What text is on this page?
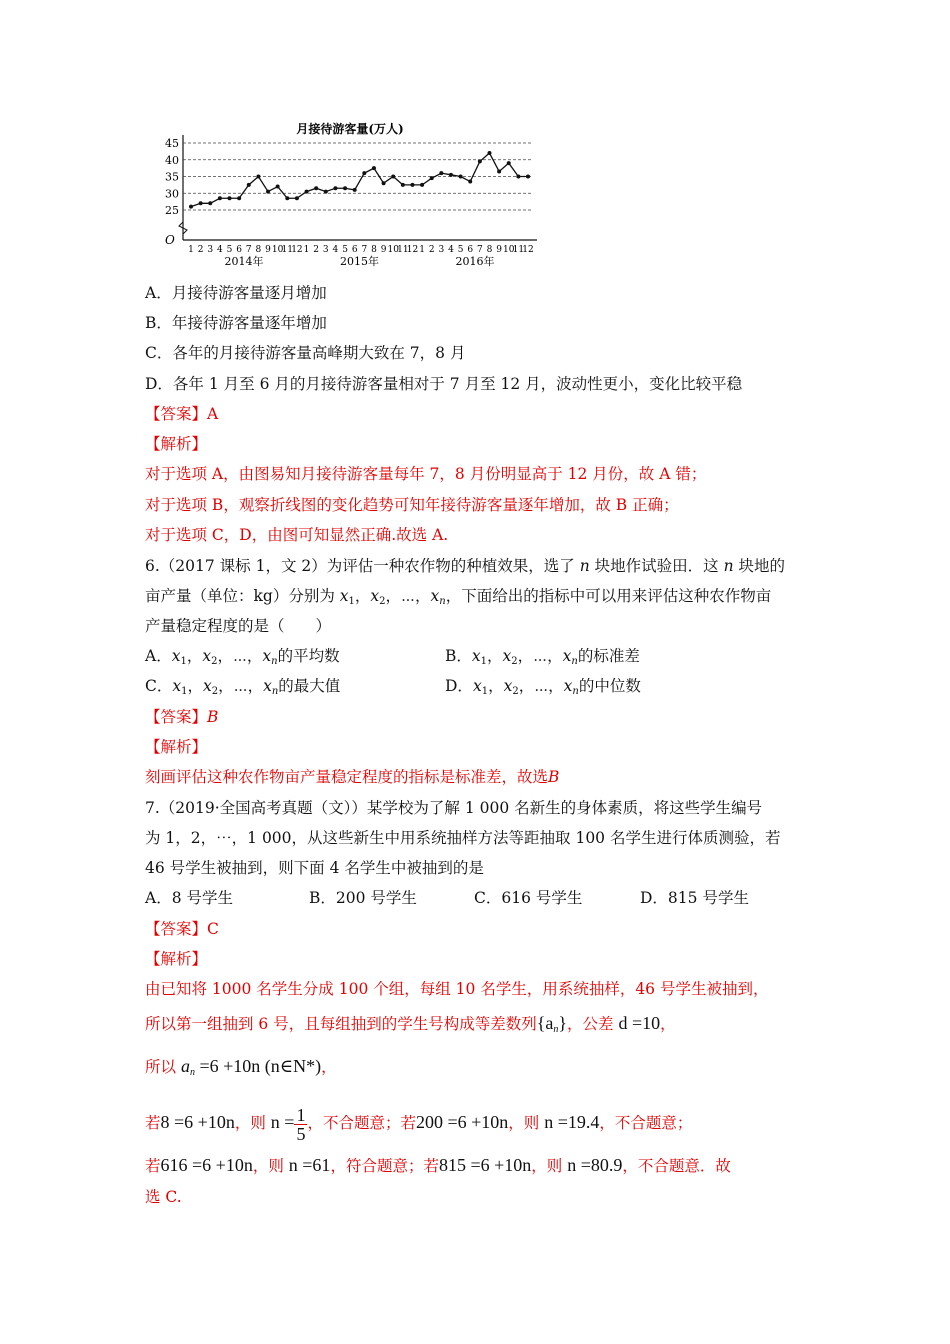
月接待游客量(万人)
25
30
35
40
45
1 2 3 4 5 6 7 8 9 10
11
12 1 2 3 4 5 6 7 8 9 10
11
12 1 2 3 4 5 6 7 8 9 10
11
12
2014年	2015年	2016年
O
A．月接待游客量逐月增加
B．年接待游客量逐年增加
C．各年的月接待游客量高峰期大致在 7，8 月
D．各年 1 月至 6 月的月接待游客量相对于 7 月至 12 月，波动性更小，变化比较平稳
【答案】A
【解析】
对于选项 A，由图易知月接待游客量每年 7，8 月份明显高于 12 月份，故 A 错；
对于选项 B，观察折线图的变化趋势可知年接待游客量逐年增加，故 B 正确；
对于选项 C，D，由图可知显然正确.故选 A.
6.（2017 课标 1，文 2）为评估一种农作物的种植效果，选了 n 块地作试验田．这 n 块地的
亩产量（单位：kg）分别为 $x_1$，$x_2$，⋯，$x_n$，下面给出的指标中可以用来评估这种农作物亩
产量稳定程度的是（　　）
A．$x_1$，$x_2$，⋯，$x_n$的平均数	B．$x_1$，$x_2$，⋯，$x_n$的标准差
C．$x_1$，$x_2$，⋯，$x_n$的最大值	D．$x_1$，$x_2$，⋯，$x_n$的中位数
【答案】B
【解析】
刻画评估这种农作物亩产量稳定程度的指标是标准差，故选B
7.（2019·全国高考真题（文））某学校为了解 1 000 名新生的身体素质，将这些学生编号
为 1，2，⋯，1 000，从这些新生中用系统抽样方法等距抽取 100 名学生进行体质测验，若
46 号学生被抽到，则下面 4 名学生中被抽到的是
A．8 号学生	B．200 号学生	C．616 号学生	D．815 号学生
【答案】C
【解析】
由已知将 1000 名学生分成 100 个组，每组 10 名学生，用系统抽样，46 号学生被抽到，
所以第一组抽到 6 号，且每组抽到的学生号构成等差数列$\{a_n\}$，公差 d =10，
所以 $a_n =6 +10n$ (n∈N*)，
若8 =6 +10n，则 $n = \frac{1}{5}$ ，不合题意；若200 =6 +10n，则 n =19.4，不合题意；
若616 =6 +10n，则 n =61，符合题意；若815 =6 +10n，则 n =80.9，不合题意．故
选 C.
